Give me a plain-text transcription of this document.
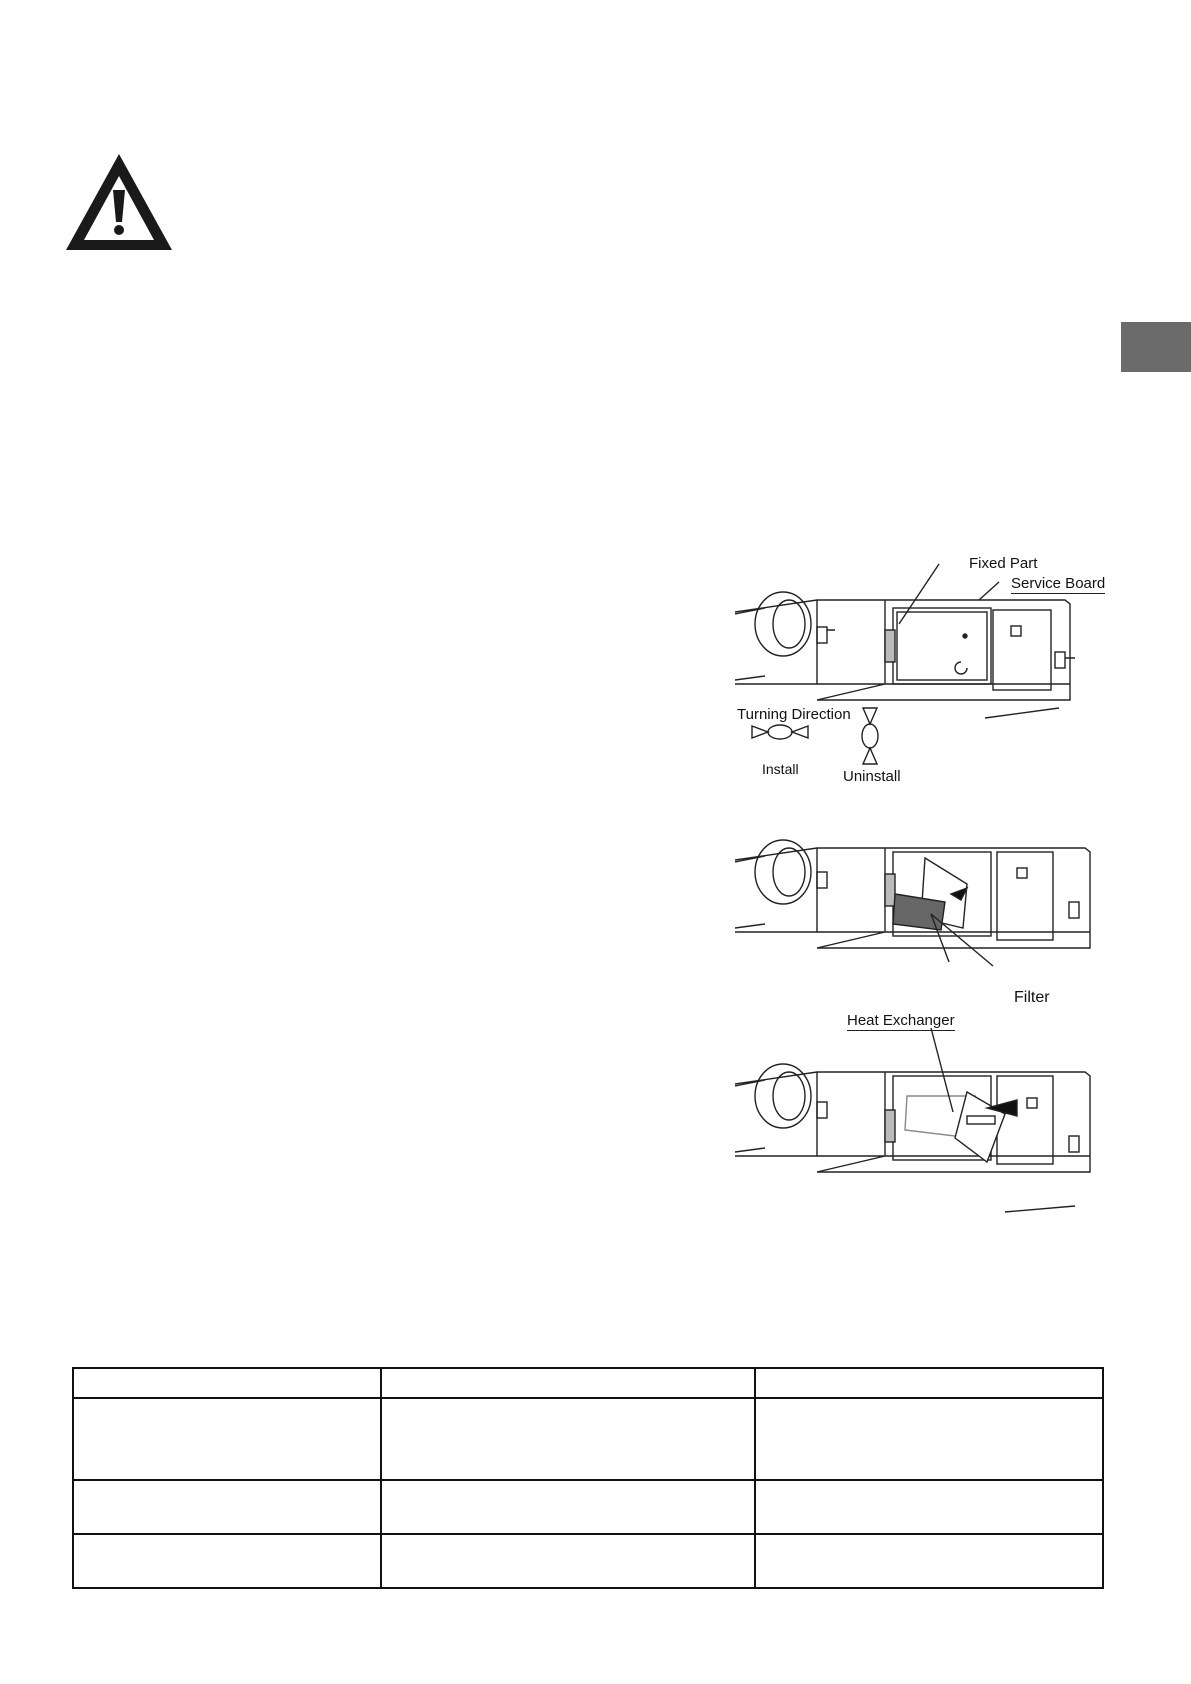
Fixed Part
Service Board
Turning Direction
Install	Uninstall
Filter
Heat Exchanger
